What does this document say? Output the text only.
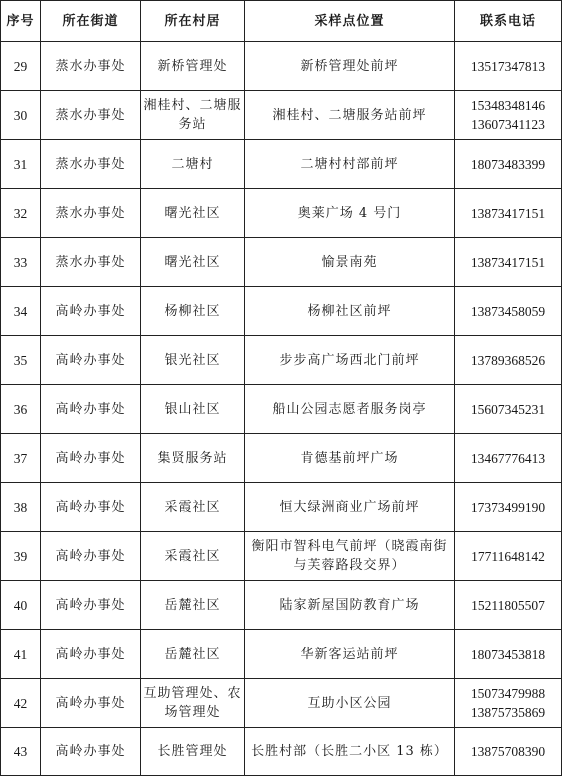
序号	所在街道	所在村居	采样点位置	联系电话
29	蒸水办事处	新桥管理处	新桥管理处前坪	13517347813

30	蒸水办事处	湘桂村、二塘服务站	湘桂村、二塘服务站前坪	15348348146
13607341123

31	蒸水办事处	二塘村	二塘村村部前坪	18073483399

32	蒸水办事处	曙光社区	奥莱广场 4 号门	13873417151

33	蒸水办事处	曙光社区	愉景南苑	13873417151

34	高岭办事处	杨柳社区	杨柳社区前坪	13873458059

35	高岭办事处	银光社区	步步高广场西北门前坪	13789368526

36	高岭办事处	银山社区	船山公园志愿者服务岗亭	15607345231

37	高岭办事处	集贤服务站	肯德基前坪广场	13467776413

38	高岭办事处	采霞社区	恒大绿洲商业广场前坪	17373499190

39	高岭办事处	采霞社区	衡阳市智科电气前坪（晓霞南街与芙蓉路段交界）	17711648142

40	高岭办事处	岳麓社区	陆家新屋国防教育广场	15211805507

41	高岭办事处	岳麓社区	华新客运站前坪	18073453818

42	高岭办事处	互助管理处、农场管理处	互助小区公园	15073479988
13875735869

43	高岭办事处	长胜管理处	长胜村部（长胜二小区 13 栋）	13875708390
